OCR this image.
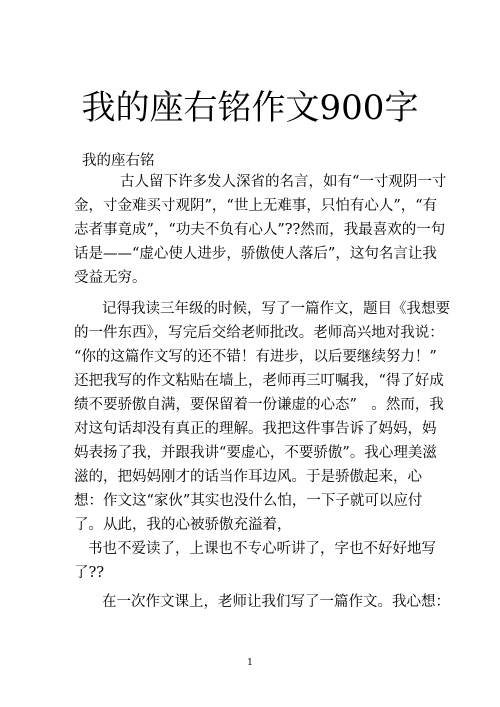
我的座右铭作文900字
我的座右铭
古人留下许多发人深省的名言，如有“一寸观阴一寸
金，寸金难买寸观阴”，“世上无难事，只怕有心人”，“有
志者事竟成”，“功夫不负有心人”??然而，我最喜欢的一句
话是——“虚心使人进步，骄傲使人落后”，这句名言让我
受益无穷。
记得我读三年级的时候，写了一篇作文，题目《我想要
的一件东西》，写完后交给老师批改。老师高兴地对我说：
“你的这篇作文写的还不错！有进步，以后要继续努力！”
还把我写的作文粘贴在墙上，老师再三叮嘱我，“得了好成
绩不要骄傲自满，要保留着一份谦虚的心态”　。然而，我
对这句话却没有真正的理解。我把这件事告诉了妈妈，妈
妈表扬了我，并跟我讲“要虚心，不要骄傲”。我心理美滋
滋的，把妈妈刚才的话当作耳边风。于是骄傲起来，心
想：作文这“家伙”其实也没什么怕，一下子就可以应付
了。从此，我的心被骄傲充溢着，
书也不爱读了，上课也不专心听讲了，字也不好好地写
了??
在一次作文课上，老师让我们写了一篇作文。我心想：
1
